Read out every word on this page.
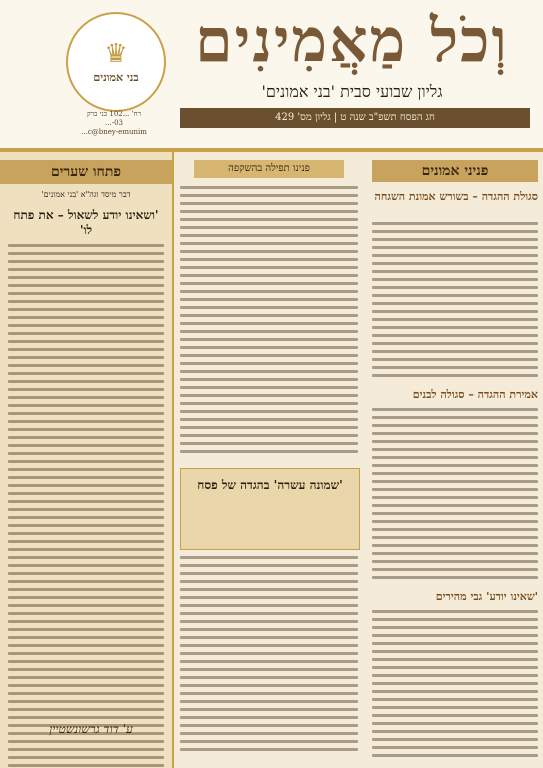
♛
בני אמונים
רח' ...102 בני ברק
03-...
c@bney-emunim...
וְכֹל מַאֲמִינִים
גליון שבועי סבית 'בני אמונים'
חג הפסח תשפ"ב שנה ט | גליון מס' 429
פתחו שערים
דבר מיסד וגה"א 'בני אמונים'
'ושאינו יודע לשאול – את פתח לו'
ע' דוד גרשונשטיין
פנינו תפילה בהשקפה
'שמונה עשרה' בהגדה של פסח
פניני אמונים
סגולת ההגדה – בשורש אמונת השגחה
אמירת ההגדה – סגולה לבנים
'שאינו יודע' גבי מהירים
